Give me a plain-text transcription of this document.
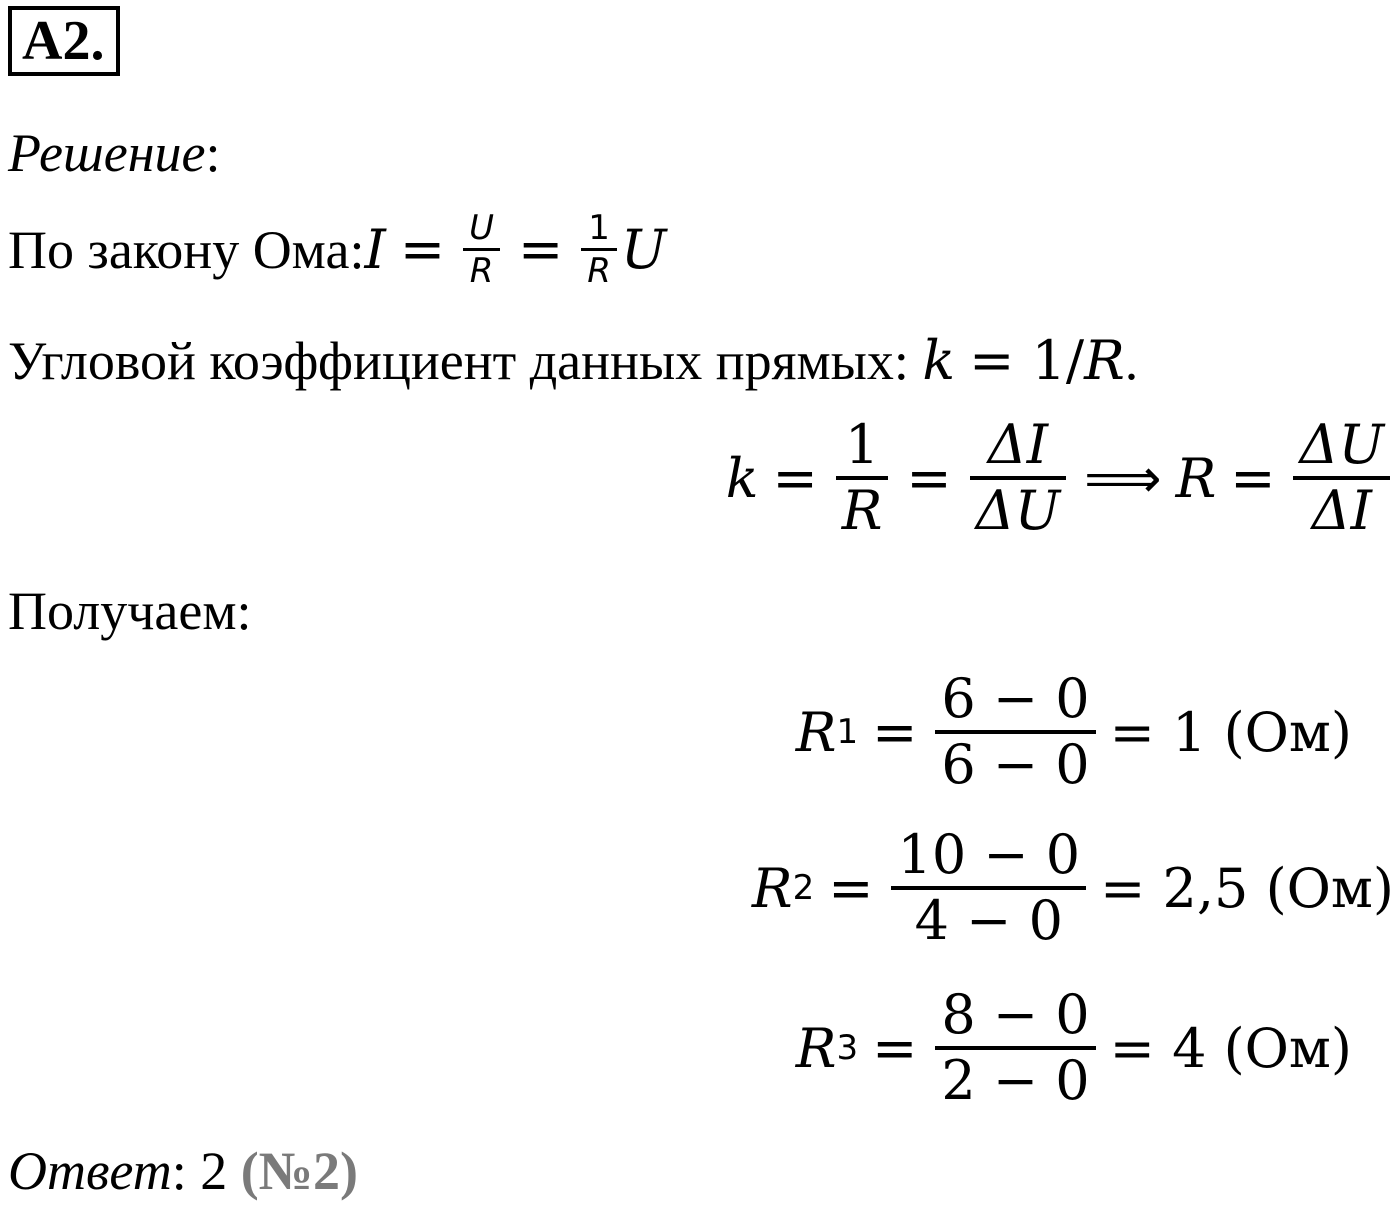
A2.
Решение:
По закону Ома: $I = \frac{U}{R} = \frac{1}{R}$ U
Угловой коэффициент данных прямых: k = 1/R.
$k = \frac{1}{R} = \frac{\Delta I}{\Delta U}$ ⟹ $R = \frac{\Delta U}{\Delta I}$
Получаем:
R $1 = \frac{6 - 0}{6 - 0} = 1$ (Ом)
R $2 = \frac{10 - 0}{4 - 0} = 2,5$ (Ом)
R $3 = \frac{8 - 0}{2 - 0} = 4$ (Ом)
Ответ: 2 (№2)
